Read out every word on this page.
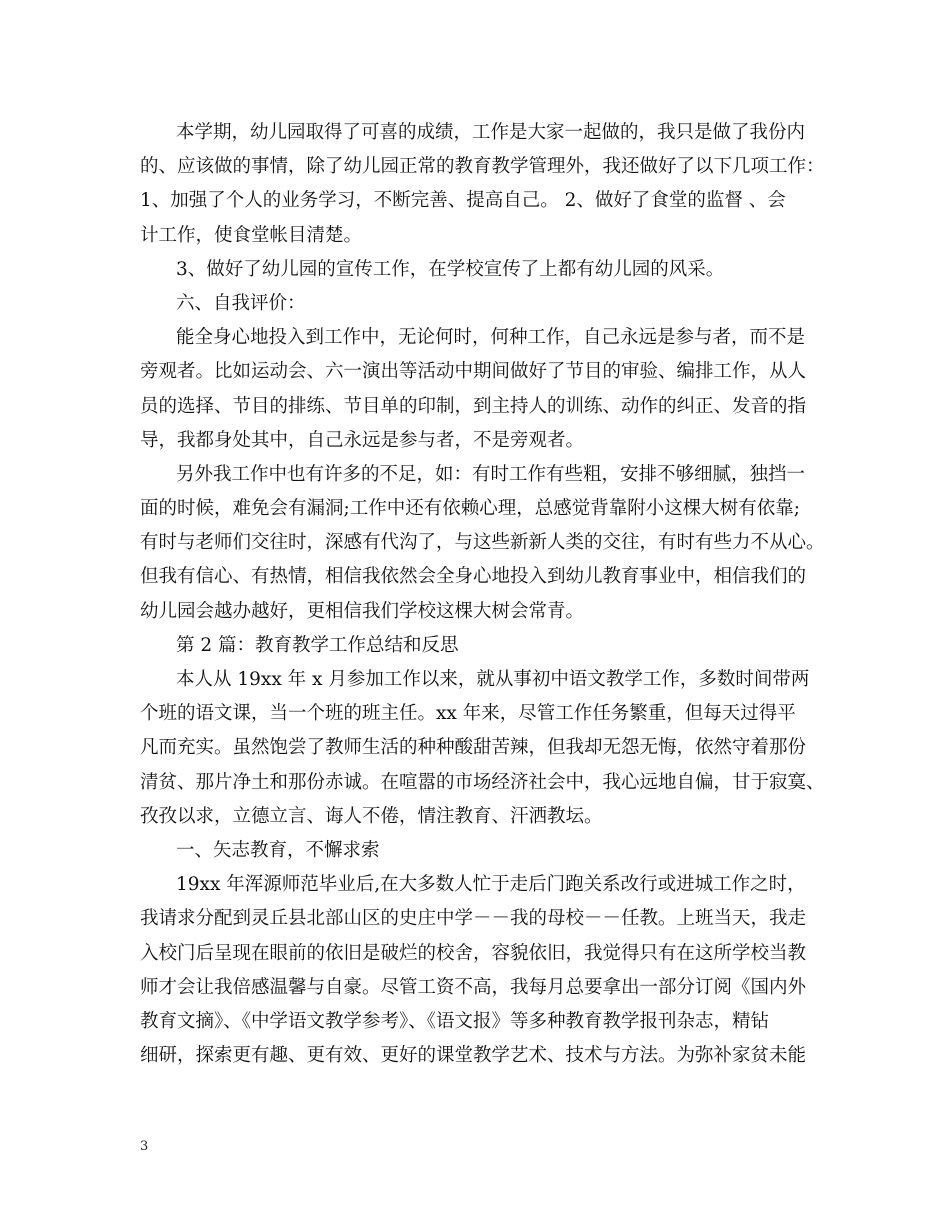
本学期，幼儿园取得了可喜的成绩，工作是大家一起做的，我只是做了我份内
的、应该做的事情，除了幼儿园正常的教育教学管理外，我还做好了以下几项工作：
1、加强了个人的业务学习，不断完善、提高自己。 2、做好了食堂的监督 、会
计工作，使食堂帐目清楚。
3、做好了幼儿园的宣传工作，在学校宣传了上都有幼儿园的风采。
六、自我评价：
能全身心地投入到工作中，无论何时，何种工作，自己永远是参与者，而不是
旁观者。比如运动会、六一演出等活动中期间做好了节目的审验、编排工作，从人
员的选择、节目的排练、节目单的印制，到主持人的训练、动作的纠正、发音的指
导，我都身处其中，自己永远是参与者，不是旁观者。
另外我工作中也有许多的不足，如：有时工作有些粗，安排不够细腻，独挡一
面的时候，难免会有漏洞;工作中还有依赖心理，总感觉背靠附小这棵大树有依靠;
有时与老师们交往时，深感有代沟了，与这些新新人类的交往，有时有些力不从心。
但我有信心、有热情，相信我依然会全身心地投入到幼儿教育事业中，相信我们的
幼儿园会越办越好，更相信我们学校这棵大树会常青。
第 2 篇：教育教学工作总结和反思
本人从 19xx 年 x 月参加工作以来，就从事初中语文教学工作，多数时间带两
个班的语文课，当一个班的班主任。xx 年来，尽管工作任务繁重，但每天过得平
凡而充实。虽然饱尝了教师生活的种种酸甜苦辣，但我却无怨无悔，依然守着那份
清贫、那片净土和那份赤诚。在喧嚣的市场经济社会中，我心远地自偏，甘于寂寞、
孜孜以求，立德立言、诲人不倦，情注教育、汗洒教坛。
一、矢志教育，不懈求索
19xx 年浑源师范毕业后,在大多数人忙于走后门跑关系改行或进城工作之时，
我请求分配到灵丘县北部山区的史庄中学－－我的母校－－任教。上班当天，我走
入校门后呈现在眼前的依旧是破烂的校舍，容貌依旧，我觉得只有在这所学校当教
师才会让我倍感温馨与自豪。尽管工资不高，我每月总要拿出一部分订阅《国内外
教育文摘》、《中学语文教学参考》、《语文报》等多种教育教学报刊杂志，精钻
细研，探索更有趣、更有效、更好的课堂教学艺术、技术与方法。为弥补家贫未能
3
